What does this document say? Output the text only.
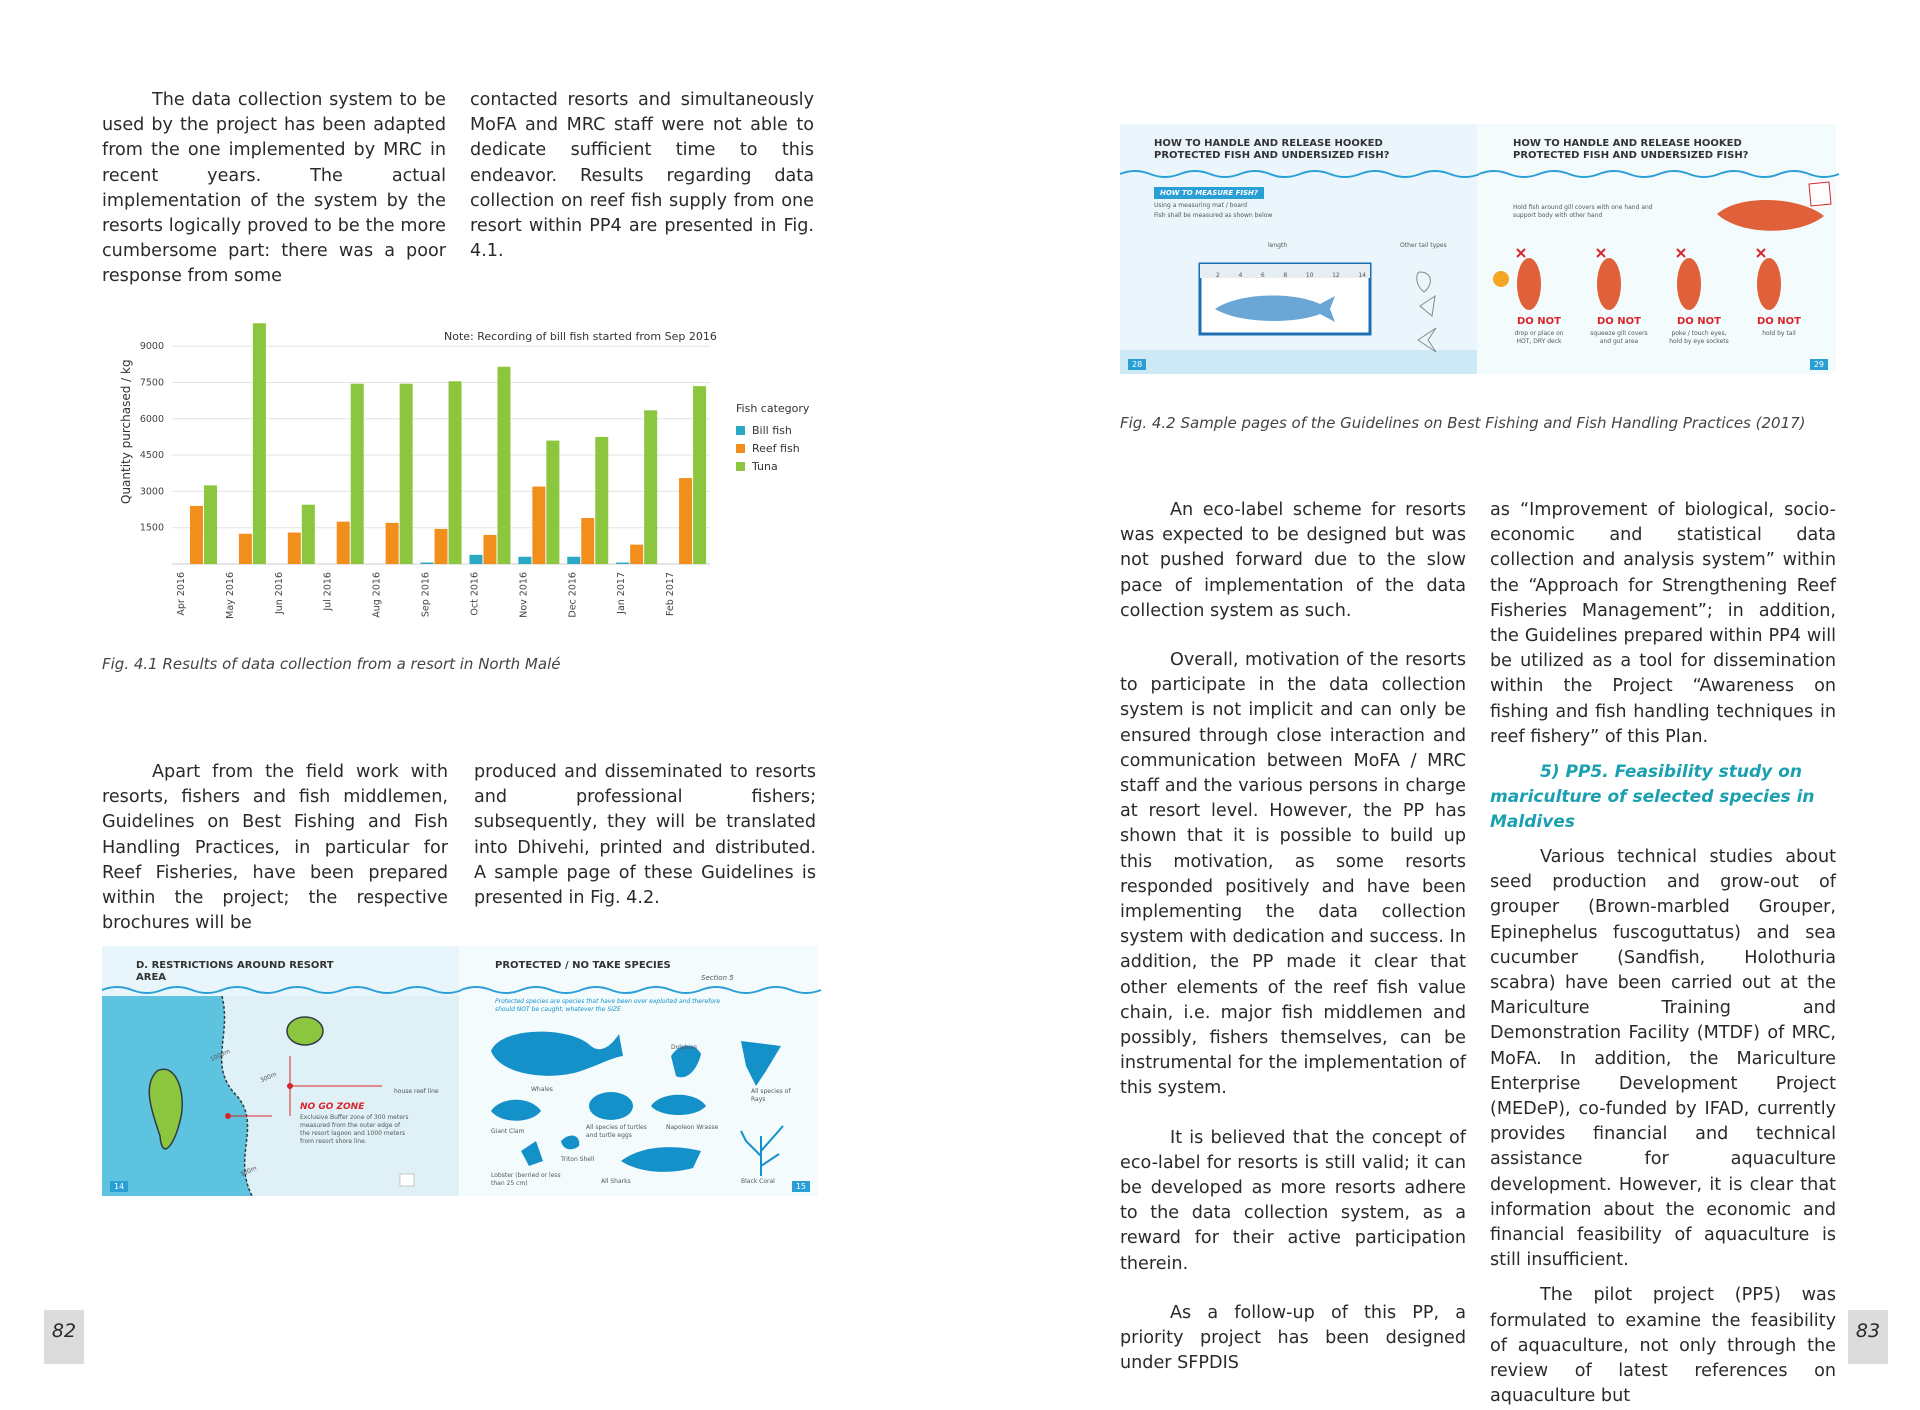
The data collection system to be used by the project has been adapted from the one implemented by MRC in recent years. The actual implementation of the system by the resorts logically proved to be the more cumbersome part: there was a poor response from some

contacted resorts and simultaneously MoFA and MRC staff were not able to dedicate sufficient time to this endeavor. Results regarding data collection on reef fish supply from one resort within PP4 are presented in Fig. 4.1.

1500
3000
4500
6000
7500
9000
Quantity purchased / kg
Apr 2016	May 2016	Jun 2016	Jul 2016	Aug 2016	Sep 2016	Oct 2016	Nov 2016	Dec 2016	Jan 2017	Feb 2017
Note: Recording of bill fish started from Sep 2016
Fish category
Bill fish
Reef fish
Tuna
Fig. 4.1 Results of data collection from a resort in North Malé

Apart from the field work with resorts, fishers and fish middlemen, Guidelines on Best Fishing and Fish Handling Practices, in particular for Reef Fisheries, have been prepared within the project; the respective brochures will be

produced and disseminated to resorts and professional fishers; subsequently, they will be translated into Dhivehi, printed and distributed. A sample page of these Guidelines is presented in Fig. 4.2.

D. RESTRICTIONS AROUND RESORT
AREA
1000m
300m
300m
house reef line
NO GO ZONE
Exclusive Buffer zone of 300 meters measured from the outer edge of the resort lagoon and 1000 meters from resort shore line.
14
PROTECTED / NO TAKE SPECIES
Section 5
Protected species are species that have been over exploited and therefore should NOT be caught, whatever the SIZE
Whales
Dolphins
All species of Rays
Giant Clam
All species of turtles and turtle eggs
Napoleon Wrasse
Triton Shell
Lobster (berried or less than 25 cm)	All Sharks	Black Coral
15
82
HOW TO HANDLE AND RELEASE HOOKED
PROTECTED FISH AND UNDERSIZED FISH?
HOW TO MEASURE FISH?
Using a measuring mat / board
Fish shall be measured as shown below
length	Other tail types
2	4	6	8	10	12	14
28
HOW TO HANDLE AND RELEASE HOOKED
PROTECTED FISH AND UNDERSIZED FISH?
Hold fish around gill covers with one hand and support body with other hand
DO NOT	DO NOT	DO NOT	DO NOT
drop or place on HOT, DRY deck
squeeze gill covers and gut area
poke / touch eyes, hold by eye sockets
hold by tail
29
Fig. 4.2 Sample pages of the Guidelines on Best Fishing and Fish Handling Practices (2017)

An eco-label scheme for resorts was expected to be designed but was not pushed forward due to the slow pace of implementation of the data collection system as such.

Overall, motivation of the resorts to participate in the data collection system is not implicit and can only be ensured through close interaction and communication between MoFA / MRC staff and the various persons in charge at resort level. However, the PP has shown that it is possible to build up this motivation, as some resorts responded positively and have been implementing the data collection system with dedication and success. In addition, the PP made it clear that other elements of the reef fish value chain, i.e. major fish middlemen and possibly, fishers themselves, can be instrumental for the implementation of this system.

It is believed that the concept of eco-label for resorts is still valid; it can be developed as more resorts adhere to the data collection system, as a reward for their active participation therein.

As a follow-up of this PP, a priority project has been designed under SFPDIS

as “Improvement of biological, socio-economic and statistical data collection and analysis system” within the “Approach for Strengthening Reef Fisheries Management”; in addition, the Guidelines prepared within PP4 will be utilized as a tool for dissemination within the Project “Awareness on fishing and fish handling techniques in reef fishery” of this Plan.

5) PP5. Feasibility study on mariculture of selected species in Maldives

Various technical studies about seed production and grow-out of grouper (Brown-marbled Grouper, Epinephelus fuscoguttatus) and sea cucumber (Sandfish, Holothuria scabra) have been carried out at the Mariculture Training and Demonstration Facility (MTDF) of MRC, MoFA. In addition, the Mariculture Enterprise Development Project (MEDeP), co-funded by IFAD, currently provides financial and technical assistance for aquaculture development. However, it is clear that information about the economic and financial feasibility of aquaculture is still insufficient.

The pilot project (PP5) was formulated to examine the feasibility of aquaculture, not only through the review of latest references on aquaculture but

83
